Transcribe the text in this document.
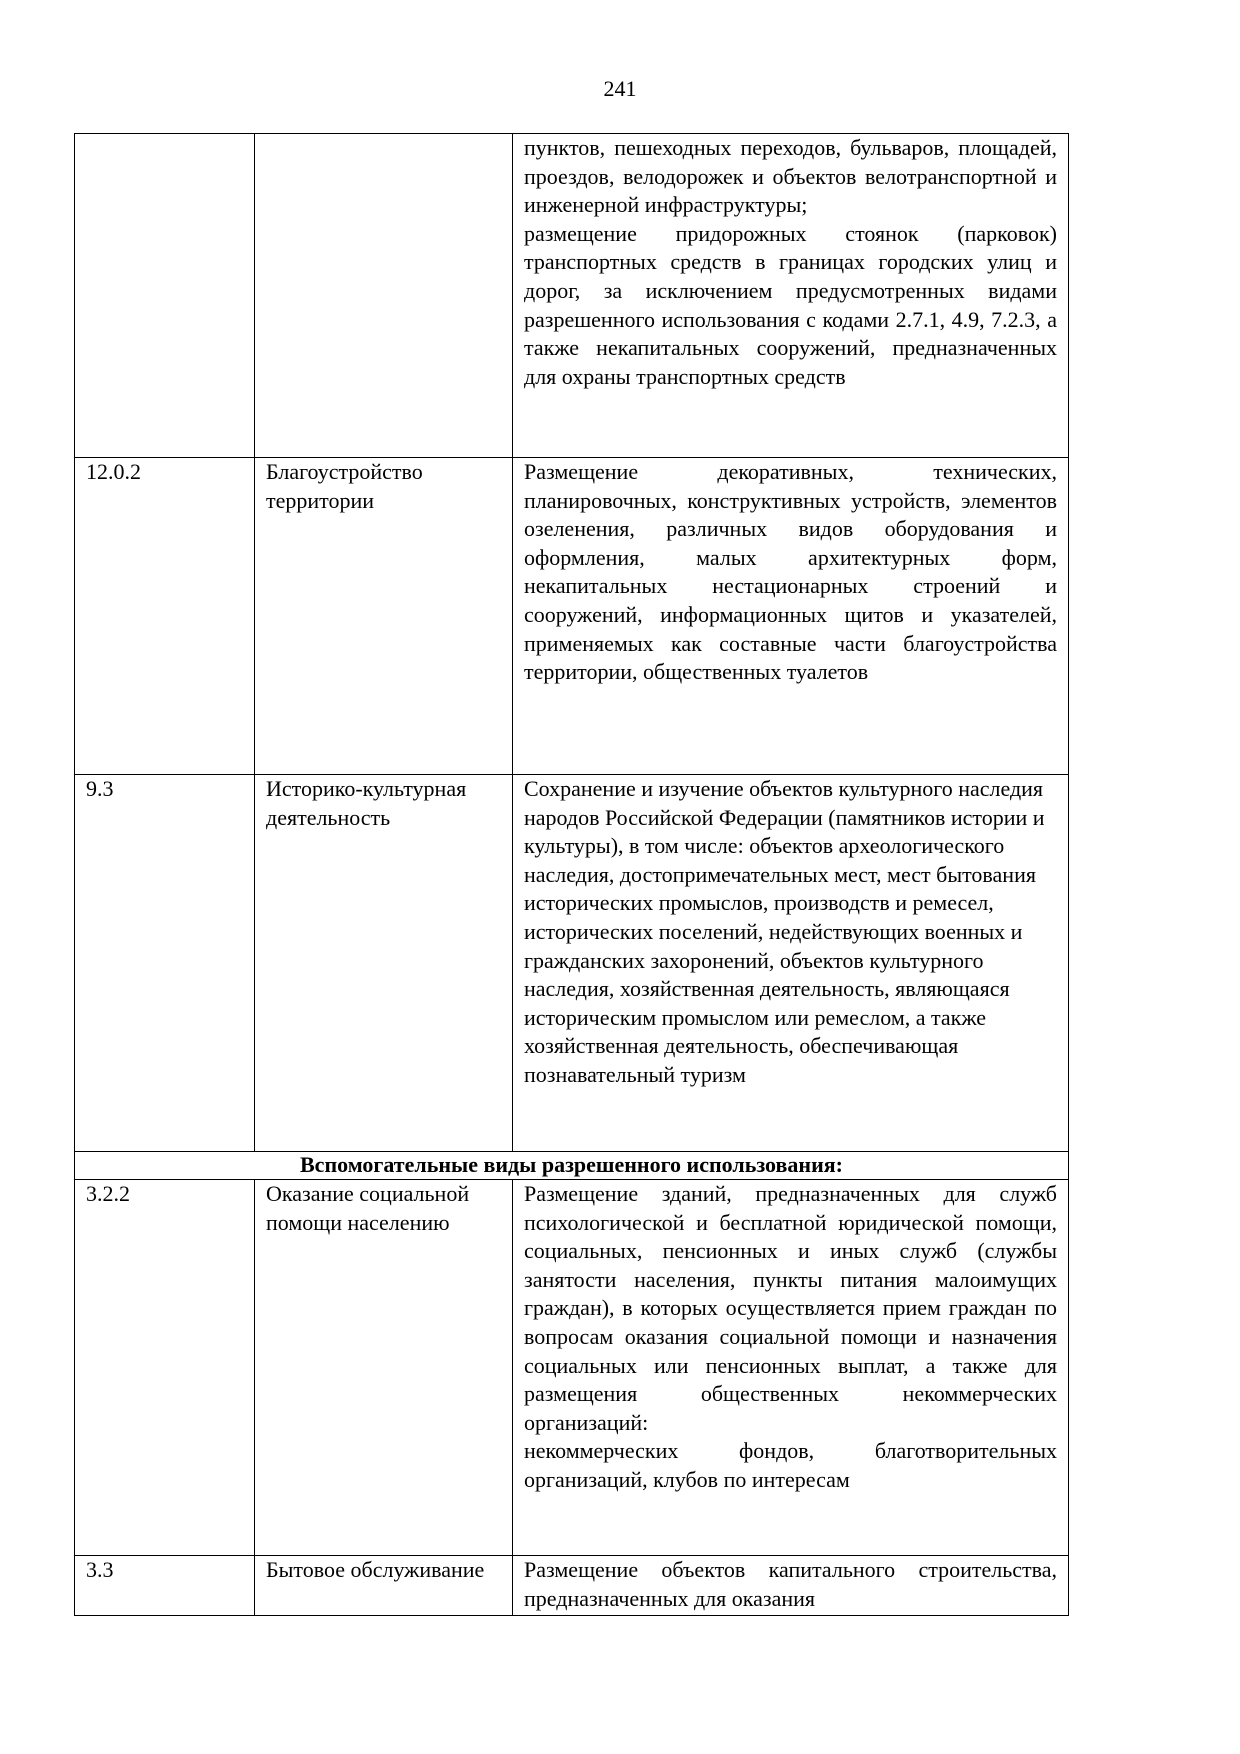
241

		пунктов, пешеходных переходов, бульваров, площадей, проездов, велодорожек и объектов велотранспортной и инженерной инфраструктуры;

размещение придорожных стоянок (парковок) транспортных средств в границах городских улиц и дорог, за исключением предусмотренных видами разрешенного использования с кодами 2.7.1, 4.9, 7.2.3, а также некапитальных сооружений, предназначенных для охраны транспортных средств

12.0.2	Благоустройство территории	Размещение декоративных, технических, планировочных, конструктивных устройств, элементов озеленения, различных видов оборудования и оформления, малых архитектурных форм, некапитальных нестационарных строений и сооружений, информационных щитов и указателей, применяемых как составные части благоустройства территории, общественных туалетов

9.3	Историко-культурная деятельность	Сохранение и изучение объектов культурного наследия народов Российской Федерации (памятников истории и культуры), в том числе: объектов археологического наследия, достопримечательных мест, мест бытования исторических промыслов, производств и ремесел, исторических поселений, недействующих военных и гражданских захоронений, объектов культурного наследия, хозяйственная деятельность, являющаяся историческим промыслом или ремеслом, а также хозяйственная деятельность, обеспечивающая познавательный туризм

Вспомогательные виды разрешенного использования:		
3.2.2	Оказание социальной помощи населению	Размещение зданий, предназначенных для служб психологической и бесплатной юридической помощи, социальных, пенсионных и иных служб (службы занятости населения, пункты питания малоимущих граждан), в которых осуществляется прием граждан по вопросам оказания социальной помощи и назначения социальных или пенсионных выплат, а также для размещения общественных некоммерческих организаций:

некоммерческих фондов, благотворительных организаций, клубов по интересам

3.3	Бытовое обслуживание	Размещение объектов капитального строительства, предназначенных для оказания
